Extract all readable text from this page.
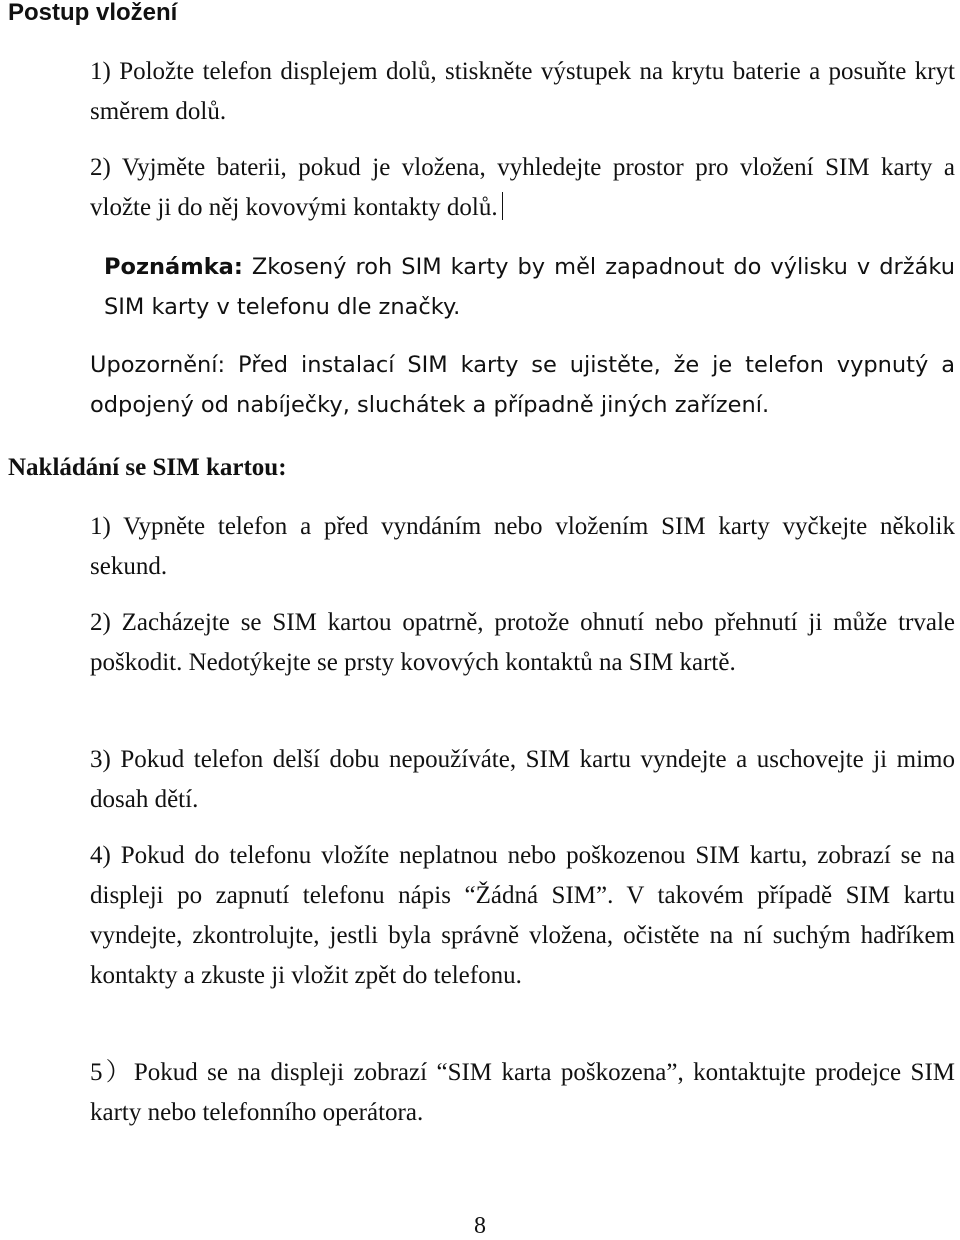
Postup vložení
1) Položte telefon displejem dolů, stiskněte výstupek na krytu baterie a posuňte kryt směrem dolů.
2) Vyjměte baterii, pokud je vložena, vyhledejte prostor pro vložení SIM karty a vložte ji do něj kovovými kontakty dolů.
Poznámka: Zkosený roh SIM karty by měl zapadnout do výlisku v držáku SIM karty v telefonu dle značky.
Upozornění: Před instalací SIM karty se ujistěte, že je telefon vypnutý a odpojený od nabíječky, sluchátek a případně jiných zařízení.
Nakládání se SIM kartou:
1) Vypněte telefon a před vyndáním nebo vložením SIM karty vyčkejte několik sekund.
2) Zacházejte se SIM kartou opatrně, protože ohnutí nebo přehnutí ji může trvale poškodit. Nedotýkejte se prsty kovových kontaktů na SIM kartě.
3) Pokud telefon delší dobu nepoužíváte, SIM kartu vyndejte a uschovejte ji mimo dosah dětí.
4) Pokud do telefonu vložíte neplatnou nebo poškozenou SIM kartu, zobrazí se na displeji po zapnutí telefonu nápis “Žádná SIM”. V takovém případě SIM kartu vyndejte, zkontrolujte, jestli byla správně vložena, očistěte na ní suchým hadříkem kontakty a zkuste ji vložit zpět do telefonu.
5）Pokud se na displeji zobrazí “SIM karta poškozena”, kontaktujte prodejce SIM karty nebo telefonního operátora.
8
